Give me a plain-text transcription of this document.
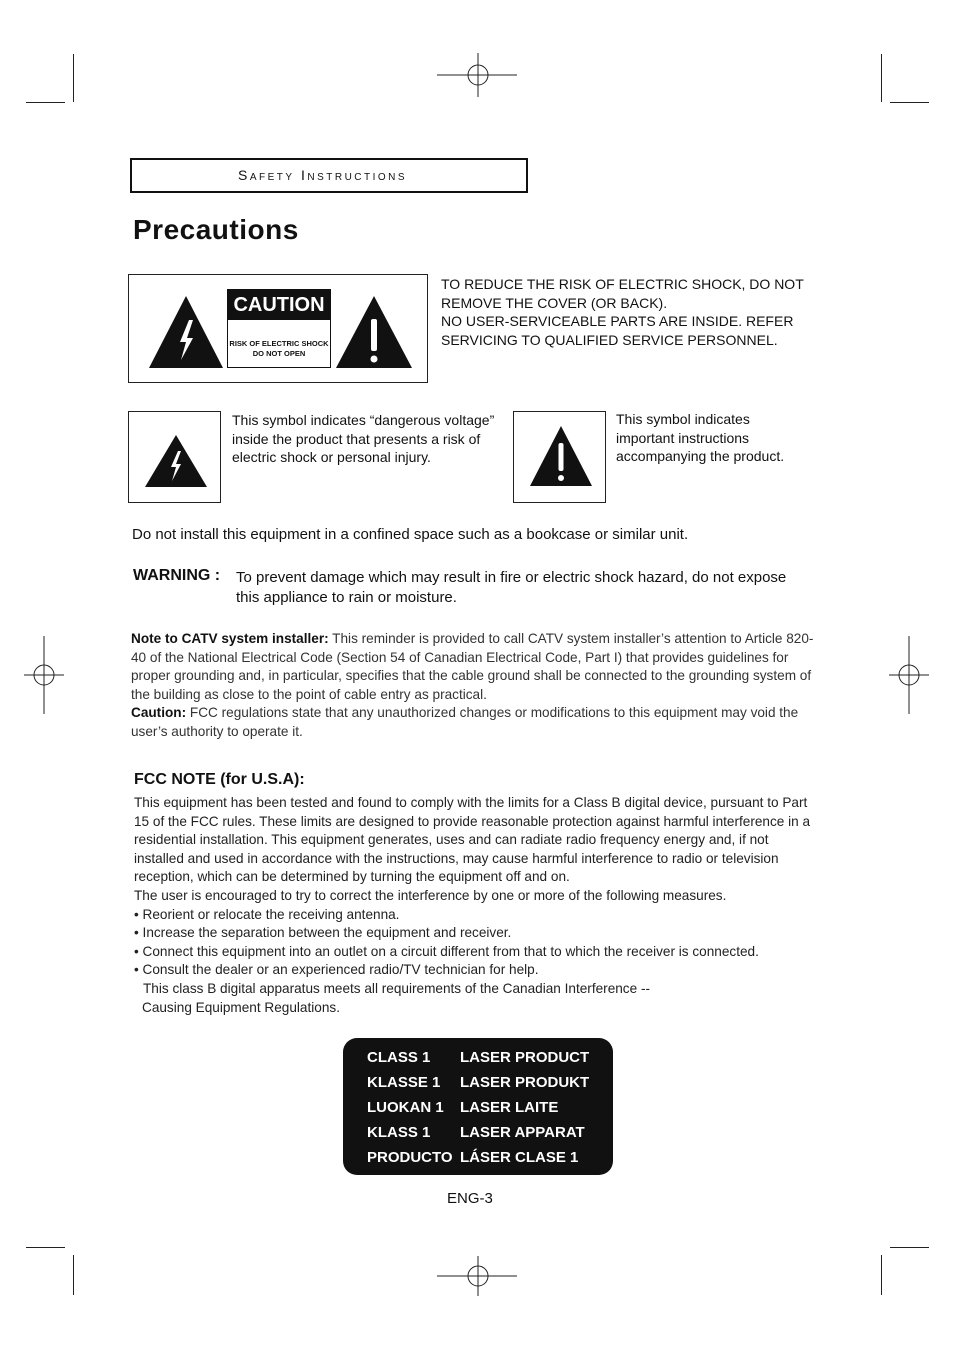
Safety Instructions
Precautions
CAUTION
RISK OF ELECTRIC SHOCK
DO NOT OPEN
TO REDUCE THE RISK OF ELECTRIC SHOCK, DO NOT
REMOVE THE COVER (OR BACK).
NO USER-SERVICEABLE PARTS ARE INSIDE. REFER
SERVICING TO QUALIFIED SERVICE PERSONNEL.
This symbol indicates “dangerous voltage”
inside the product that presents a risk of
electric shock or personal injury.
This symbol indicates
important instructions
accompanying the product.
Do not install this equipment in a confined space such as a bookcase or similar unit.
WARNING : To prevent damage which may result in fire or electric shock hazard, do not expose
this appliance to rain or moisture.
Note to CATV system installer: This reminder is provided to call CATV system installer’s attention to Article 820-40 of the National Electrical Code (Section 54 of Canadian Electrical Code, Part I) that provides guidelines for proper grounding and, in particular, specifies that the cable ground shall be connected to the grounding system of the building as close to the point of cable entry as practical.
Caution: FCC regulations state that any unauthorized changes or modifications to this equipment may void the user’s authority to operate it.
FCC NOTE (for U.S.A):

This equipment has been tested and found to comply with the limits for a Class B digital device, pursuant to Part 15 of the FCC rules. These limits are designed to provide reasonable protection against harmful interference in a residential installation. This equipment generates, uses and can radiate radio frequency energy and, if not installed and used in accordance with the instructions, may cause harmful interference to radio or television reception, which can be determined by turning the equipment off and on.

The user is encouraged to try to correct the interference by one or more of the following measures.

• Reorient or relocate the receiving antenna.

• Increase the separation between the equipment and receiver.

• Connect this equipment into an outlet on a circuit different from that to which the receiver is connected.

• Consult the dealer or an experienced radio/TV technician for help.

This class B digital apparatus meets all requirements of the Canadian Interference --

Causing Equipment Regulations.

CLASS 1 LASER PRODUCT
KLASSE 1 LASER PRODUKT
LUOKAN 1 LASER LAITE
KLASS 1 LASER APPARAT
PRODUCTO LÁSER CLASE 1
ENG-3
